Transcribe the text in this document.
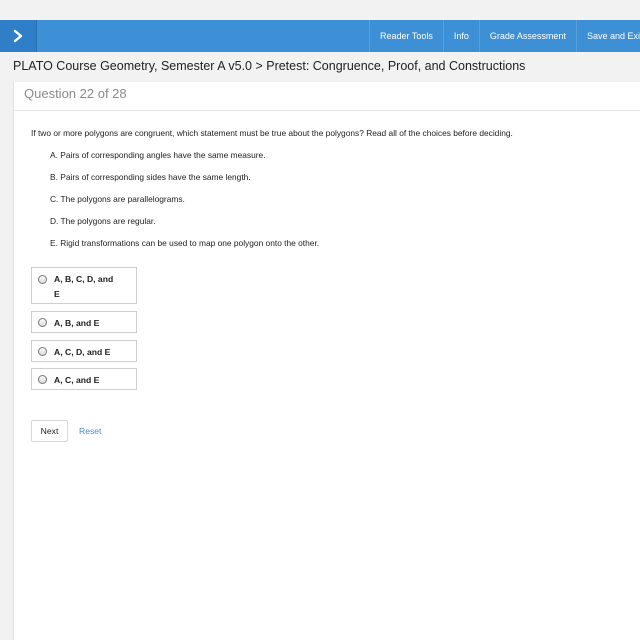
Reader Tools	Info	Grade Assessment	Save and Exi
PLATO Course Geometry, Semester A v5.0 > Pretest: Congruence, Proof, and Constructions
Question 22 of 28
If two or more polygons are congruent, which statement must be true about the polygons? Read all of the choices before deciding.
A. Pairs of corresponding angles have the same measure.
B. Pairs of corresponding sides have the same length.
C. The polygons are parallelograms.
D. The polygons are regular.
E. Rigid transformations can be used to map one polygon onto the other.
A, B, C, D, and
E
A, B, and E
A, C, D, and E
A, C, and E
Next	Reset
